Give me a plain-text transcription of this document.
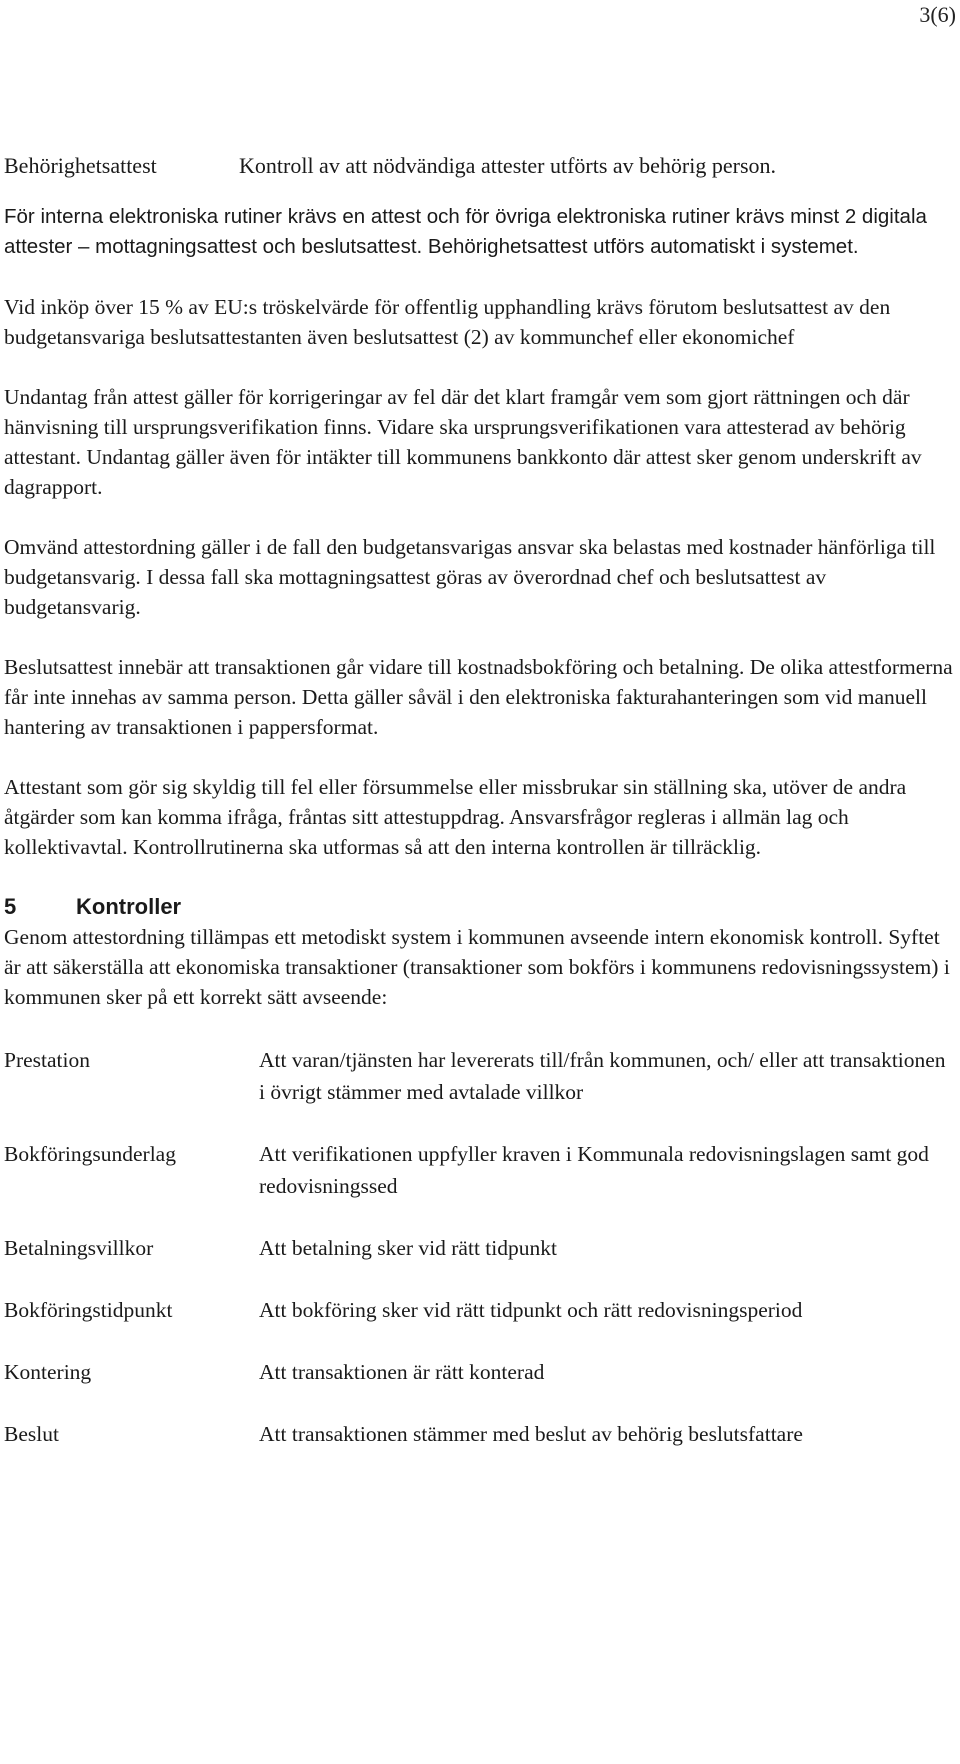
3(6)
Behörighetsattest	Kontroll av att nödvändiga attester utförts av behörig person.

För interna elektroniska rutiner krävs en attest och för övriga elektroniska rutiner krävs minst 2 digitala attester – mottagningsattest och beslutsattest. Behörighetsattest utförs automatiskt i systemet.

Vid inköp över 15 % av EU:s tröskelvärde för offentlig upphandling krävs förutom beslutsattest av den budgetansvariga beslutsattestanten även beslutsattest (2) av kommunchef eller ekonomichef

Undantag från attest gäller för korrigeringar av fel där det klart framgår vem som gjort rättningen och där hänvisning till ursprungsverifikation finns. Vidare ska ursprungsverifikationen vara attesterad av behörig attestant. Undantag gäller även för intäkter till kommunens bankkonto där attest sker genom underskrift av dagrapport.

Omvänd attestordning gäller i de fall den budgetansvarigas ansvar ska belastas med kostnader hänförliga till budgetansvarig. I dessa fall ska mottagningsattest göras av överordnad chef och beslutsattest av budgetansvarig.

Beslutsattest innebär att transaktionen går vidare till kostnadsbokföring och betalning. De olika attestformerna får inte innehas av samma person. Detta gäller såväl i den elektroniska fakturahanteringen som vid manuell hantering av transaktionen i pappersformat.

Attestant som gör sig skyldig till fel eller försummelse eller missbrukar sin ställning ska, utöver de andra åtgärder som kan komma ifråga, fråntas sitt attestuppdrag. Ansvarsfrågor regleras i allmän lag och kollektivavtal. Kontrollrutinerna ska utformas så att den interna kontrollen är tillräcklig.

5	Kontroller

Genom attestordning tillämpas ett metodiskt system i kommunen avseende intern ekonomisk kontroll. Syftet är att säkerställa att ekonomiska transaktioner (transaktioner som bokförs i kommunens redovisningssystem) i kommunen sker på ett korrekt sätt avseende:

Prestation	Att varan/tjänsten har levererats till/från kommunen, och/ eller att transaktionen i övrigt stämmer med avtalade villkor
Bokföringsunderlag	Att verifikationen uppfyller kraven i Kommunala redovisningslagen samt god redovisningssed
Betalningsvillkor	Att betalning sker vid rätt tidpunkt
Bokföringstidpunkt	Att bokföring sker vid rätt tidpunkt och rätt redovisningsperiod
Kontering	Att transaktionen är rätt konterad
Beslut	Att transaktionen stämmer med beslut av behörig beslutsfattare
